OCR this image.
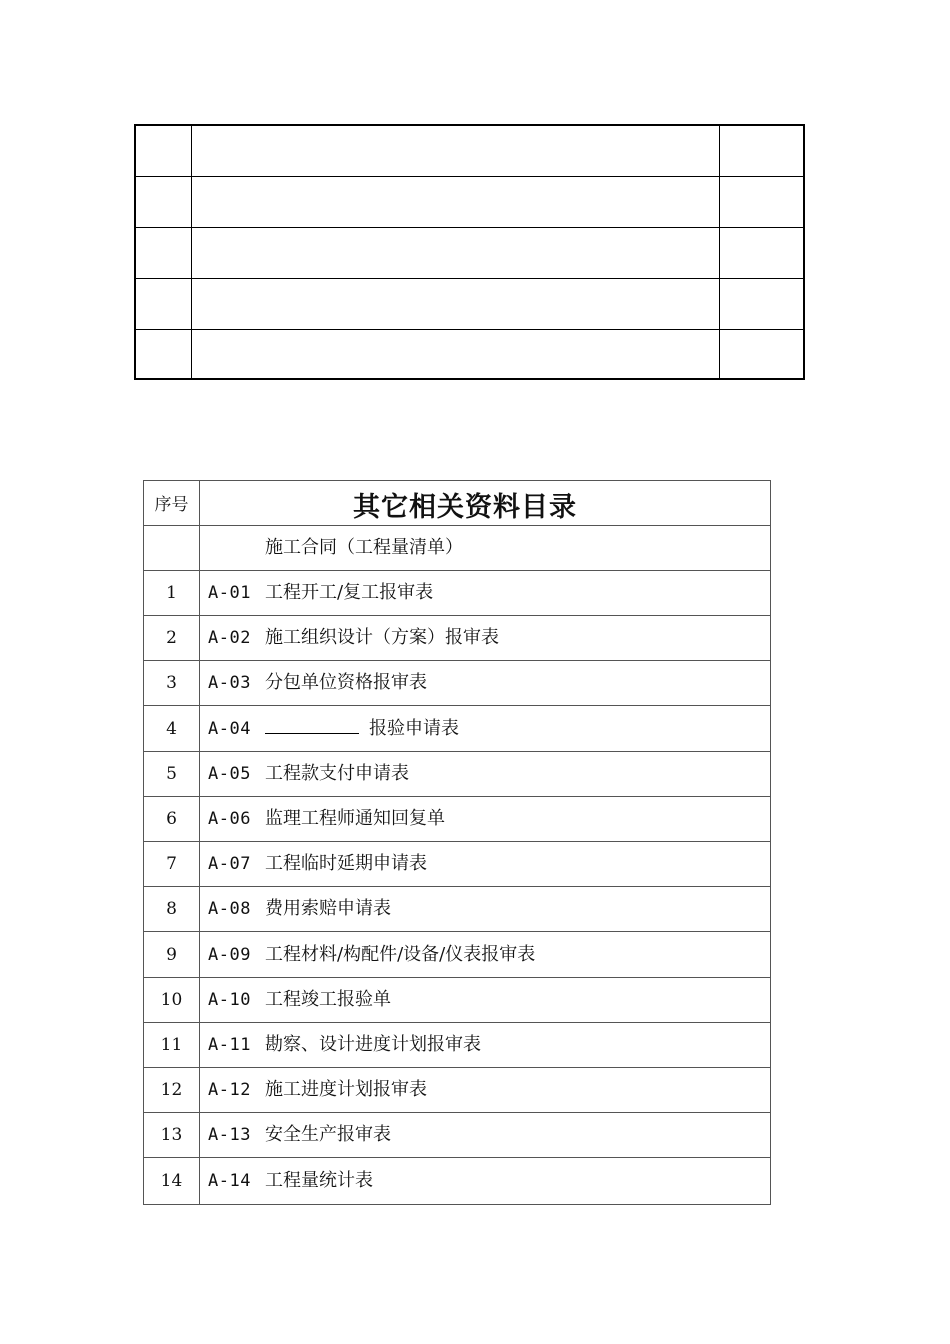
序号	其它相关资料目录
施工合同（工程量清单）
1	A-01 工程开工/复工报审表
2	A-02 施工组织设计（方案）报审表
3	A-03 分包单位资格报审表
4	A-04	报验申请表
5	A-05 工程款支付申请表
6	A-06 监理工程师通知回复单
7	A-07 工程临时延期申请表
8	A-08 费用索赔申请表
9	A-09 工程材料/构配件/设备/仪表报审表
10	A-10 工程竣工报验单
11	A-11 勘察、设计进度计划报审表
12	A-12 施工进度计划报审表
13	A-13 安全生产报审表
14	A-14 工程量统计表
